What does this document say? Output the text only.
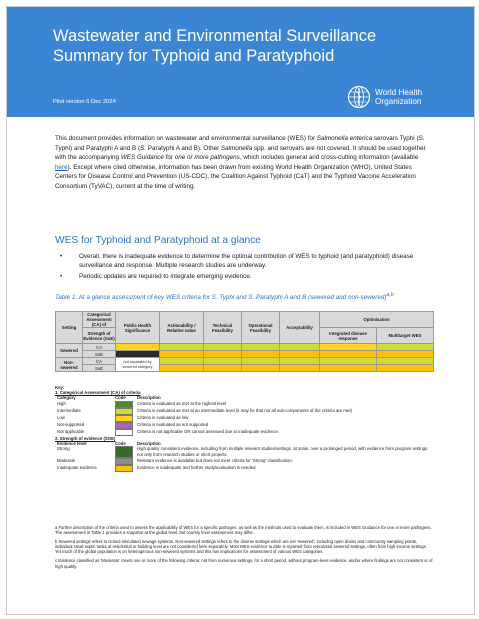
Wastewater and Environmental Surveillance
Summary for Typhoid and Paratyphoid
Pilot version 6 Dec 2024
World Health
Organization
This document provides information on wastewater and environmental surveillance (WES) for Salmonella enterica serovars Typhi (S. Typhi) and Paratyphi A and B (S. Paratyphi A and B). Other Salmonella spp. and serovars are not covered. It should be used together with the accompanying WES Guidance for one or more pathogens, which includes general and cross-cutting information (available here). Except where cited otherwise, information has been drawn from existing World Health Organization (WHO), United States Centers for Disease Control and Prevention (US-CDC), the Coalition Against Typhoid (CaT) and the Typhoid Vaccine Acceleration Consortium (TyVAC), current at the time of writing.
WES for Typhoid and Paratyphoid at a glance
•	Overall, there is inadequate evidence to determine the optimal contribution of WES to typhoid (and paratyphoid) disease surveillance and response. Multiple research studies are underway.
•	Periodic updates are required to integrate emerging evidence.
Table 1: At a glance assessment of key WES criteria for S. Typhi and S. Paratyphi A and B (sewered and non-sewered)$^{a,b}$
Setting	Categorical Assessment (CA) of	Public Health Significance	Actionability / Relative value	Technical Feasibility	Operational Feasibility	Acceptability	Optimisation	
	Strength of Evidence (SoE)						Integrated disease response	Multitarget WES
Sewered	CA							
	SoE							
Non-sewered	CA	not separated by sewered category						
	SoE							
Key:
1. Categorical Assessment (CA) of criteria
Category	Code	Description
High		Criteria is evaluated as met at the highest level
Intermediate		Criteria is evaluated as met at an intermediate level (it may be that not all sub-components of the criteria are met)
Low		Criteria is evaluated as low
Not-supported		Criteria is evaluated as not supported
Not applicable		Criteria is not applicable OR cannot assessed due to inadequate evidence
2. Strength of evidence (SOE)
Evidence level	Code	Description
Strong		High quality consistent evidence, including from multiple relevant studies/settings, at scale, over a prolonged period, with evidence from program settings, not only from research studies or short projects.
Moderate		Relevant evidence is available but does not meet criteria for 'Strong' classification.
Inadequate evidence		Evidence is inadequate and further study/evaluation is needed

a Further description of the criteria used to assess the applicability of WES for a specific pathogen, as well as the methods used to evaluate them, is included in WES Guidance for one or more pathogens. The assessment in Table 1 provides a snapshot at the global level, but country level assessment may differ.

b Sewered settings refers to closed reticulated sewage systems. Non-sewered settings refers to the diverse settings which are not 'sewered', including open drains and community sampling points, individual small septic tanks at residential or building level are not considered here separately. Most WES evidence to date is reported from reticulated sewered settings, often from high-income settings. Yet much of the global population is on heterogenous non-sewered systems and this has implications for assessment of various WES categories.

c Evidence classified as 'Moderate' meets one or more of the following criteria: not from numerous settings, for a short period, without program-level evidence, and/or where findings are not consistent or of high quality.
